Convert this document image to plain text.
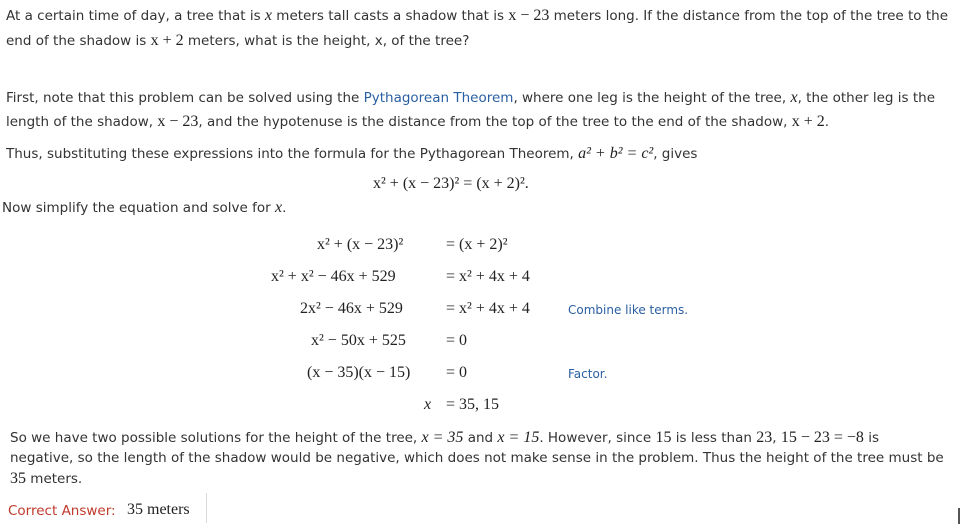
At a certain time of day, a tree that is x meters tall casts a shadow that is x − 23 meters long. If the distance from the top of the tree to the
end of the shadow is x + 2 meters, what is the height, x, of the tree?
First, note that this problem can be solved using the Pythagorean Theorem, where one leg is the height of the tree, x, the other leg is the
length of the shadow, x − 23, and the hypotenuse is the distance from the top of the tree to the end of the shadow, x + 2.
Thus, substituting these expressions into the formula for the Pythagorean Theorem, a² + b² = c², gives
x² + (x − 23)² = (x + 2)².
Now simplify the equation and solve for x.
x² + (x − 23)²	= (x + 2)²
x² + x² − 46x + 529	= x² + 4x + 4
2x² − 46x + 529	= x² + 4x + 4	Combine like terms.
x² − 50x + 525	= 0
(x − 35)(x − 15) = 0	Factor.
x = 35, 15
So we have two possible solutions for the height of the tree, x = 35 and x = 15. However, since 15 is less than 23, 15 − 23 = −8 is
negative, so the length of the shadow would be negative, which does not make sense in the problem. Thus the height of the tree must be
35 meters.
Correct Answer: 35 meters
